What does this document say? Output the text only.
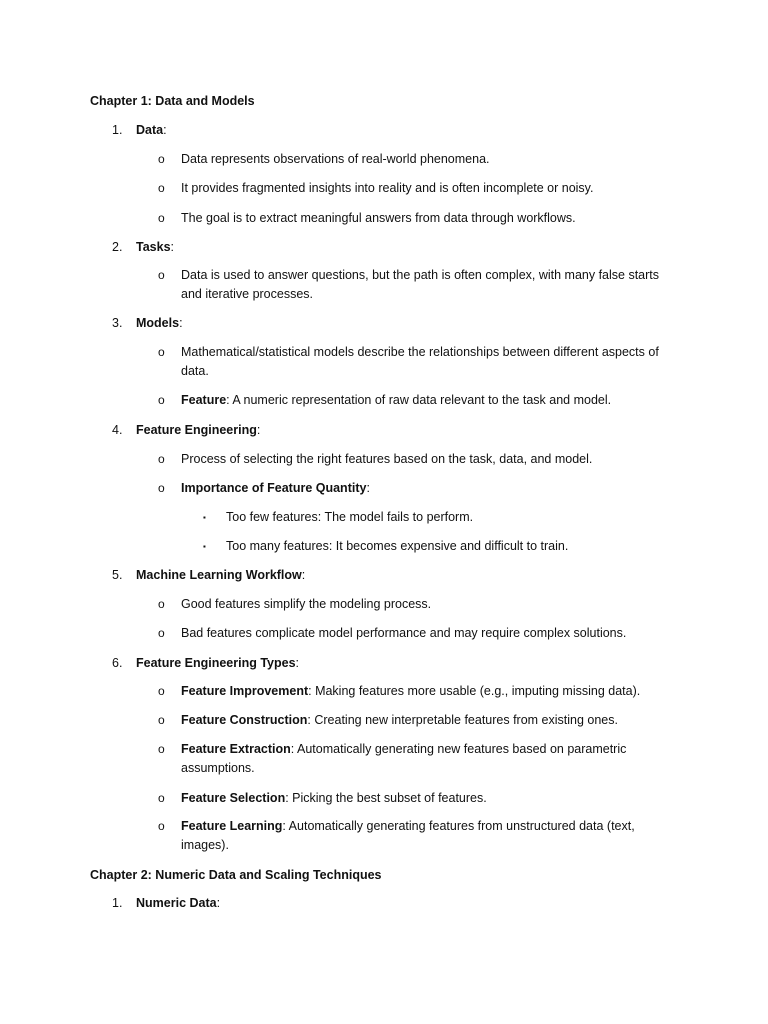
Chapter 1: Data and Models
1. Data:
o Data represents observations of real-world phenomena.
o It provides fragmented insights into reality and is often incomplete or noisy.
o The goal is to extract meaningful answers from data through workflows.
2. Tasks:
o Data is used to answer questions, but the path is often complex, with many false starts and iterative processes.
3. Models:
o Mathematical/statistical models describe the relationships between different aspects of data.
o Feature: A numeric representation of raw data relevant to the task and model.
4. Feature Engineering:
o Process of selecting the right features based on the task, data, and model.
o Importance of Feature Quantity:
▪ Too few features: The model fails to perform.
▪ Too many features: It becomes expensive and difficult to train.
5. Machine Learning Workflow:
o Good features simplify the modeling process.
o Bad features complicate model performance and may require complex solutions.
6. Feature Engineering Types:
o Feature Improvement: Making features more usable (e.g., imputing missing data).
o Feature Construction: Creating new interpretable features from existing ones.
o Feature Extraction: Automatically generating new features based on parametric assumptions.
o Feature Selection: Picking the best subset of features.
o Feature Learning: Automatically generating features from unstructured data (text, images).
Chapter 2: Numeric Data and Scaling Techniques
1. Numeric Data:
